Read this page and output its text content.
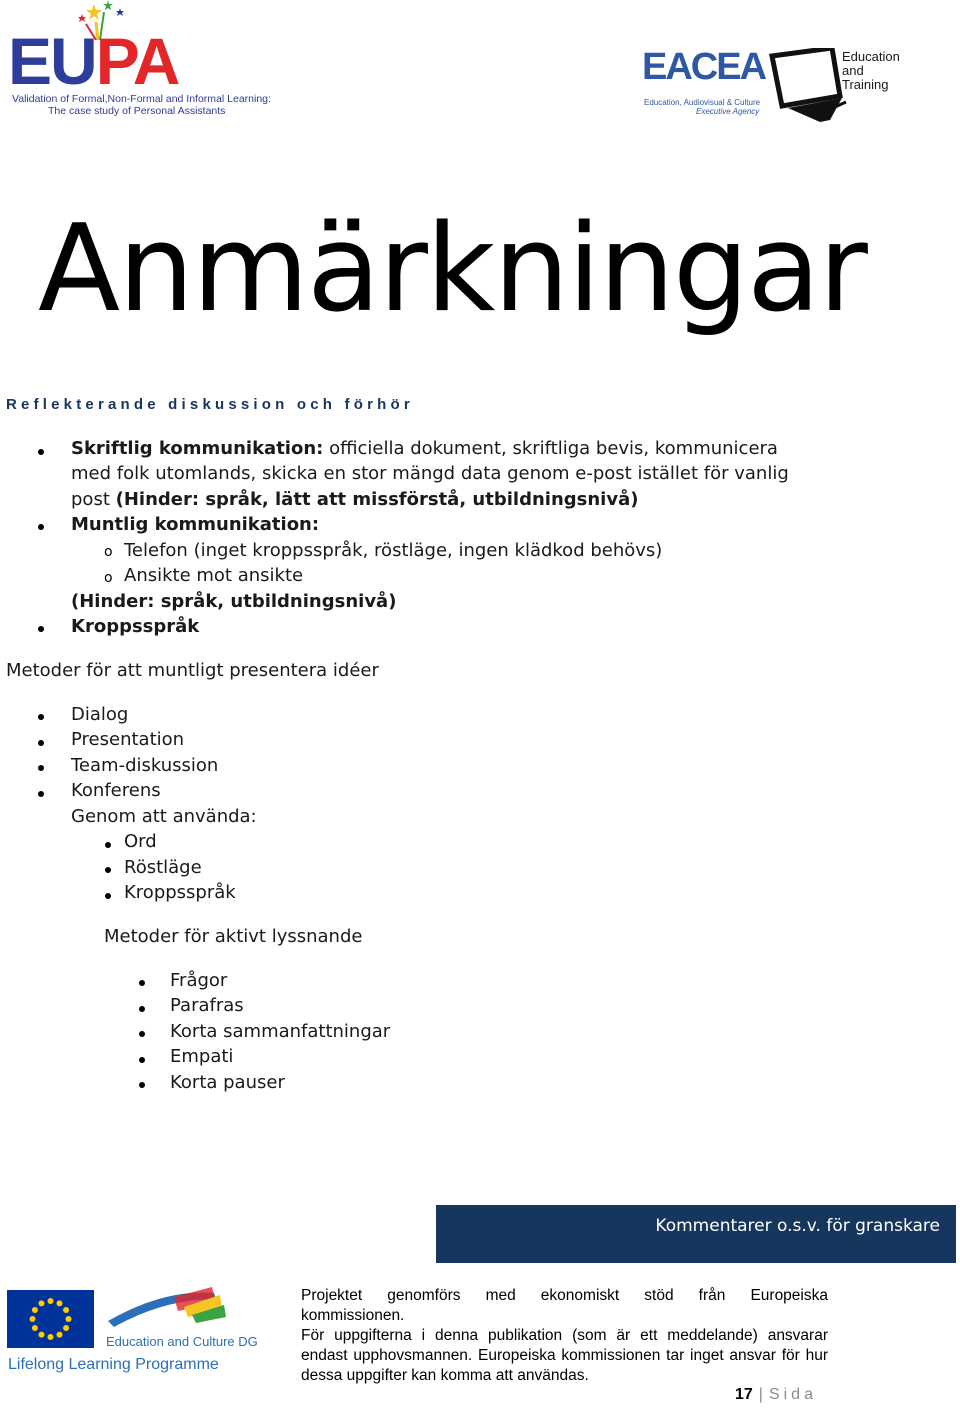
EUPA
Validation of Formal,Non-Formal and Informal Learning:
The case study of Personal Assistants
EACEA
Education, Audiovisual & Culture
Executive Agency
Education
and
Training
Anmärkningar
Reflekterande diskussion och förhör
Skriftlig kommunikation: officiella dokument, skriftliga bevis, kommunicera
med folk utomlands, skicka en stor mängd data genom e-post istället för vanlig
post (Hinder: språk, lätt att missförstå, utbildningsnivå)
Muntlig kommunikation:
o Telefon (inget kroppsspråk, röstläge, ingen klädkod behövs)
o Ansikte mot ansikte
(Hinder: språk, utbildningsnivå)
Kroppsspråk
Metoder för att muntligt presentera idéer
Dialog
Presentation
Team-diskussion
Konferens
Genom att använda:
Ord
Röstläge
Kroppsspråk
Metoder för aktivt lyssnande
Frågor
Parafras
Korta sammanfattningar
Empati
Korta pauser
Kommentarer o.s.v. för granskare
Education and Culture DG
Lifelong Learning Programme

Projektet genomförs med ekonomiskt stöd från Europeiska

kommissionen.

För uppgifterna i denna publikation (som är ett meddelande) ansvarar endast upphovsmannen. Europeiska kommissionen tar inget ansvar för hur dessa uppgifter kan komma att användas.

17 | Sida
